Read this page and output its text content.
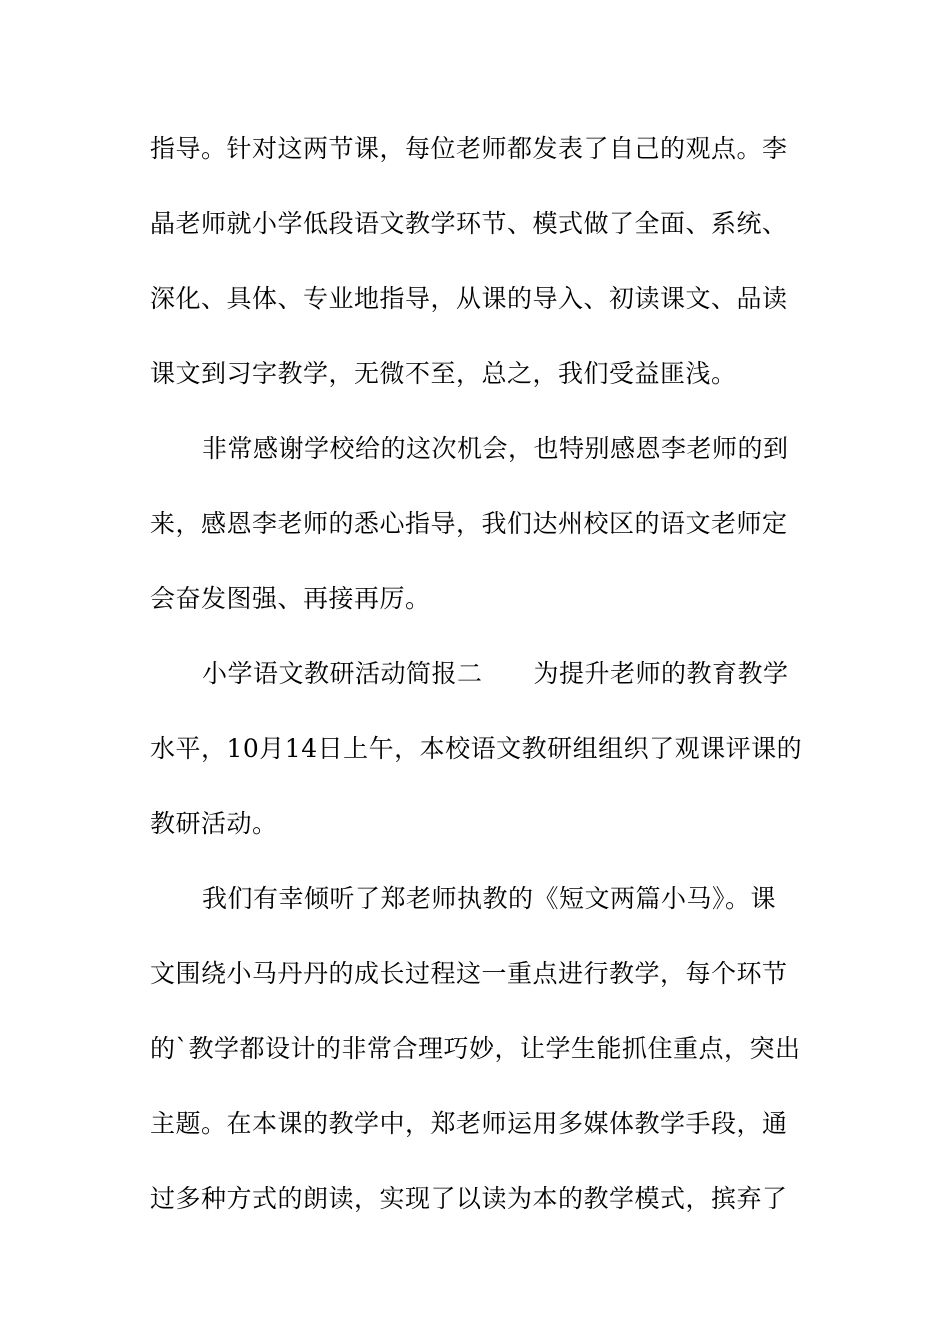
指导。针对这两节课，每位老师都发表了自己的观点。李
晶老师就小学低段语文教学环节、模式做了全面、系统、
深化、具体、专业地指导，从课的导入、初读课文、品读
课文到习字教学，无微不至，总之，我们受益匪浅。
非常感谢学校给的这次机会，也特别感恩李老师的到
来，感恩李老师的悉心指导，我们达州校区的语文老师定
会奋发图强、再接再厉。
小学语文教研活动简报二　　为提升老师的教育教学
水平，10月14日上午，本校语文教研组组织了观课评课的
教研活动。
我们有幸倾听了郑老师执教的《短文两篇小马》。课
文围绕小马丹丹的成长过程这一重点进行教学，每个环节
的`教学都设计的非常合理巧妙，让学生能抓住重点，突出
主题。在本课的教学中，郑老师运用多媒体教学手段，通
过多种方式的朗读，实现了以读为本的教学模式，摈弃了
